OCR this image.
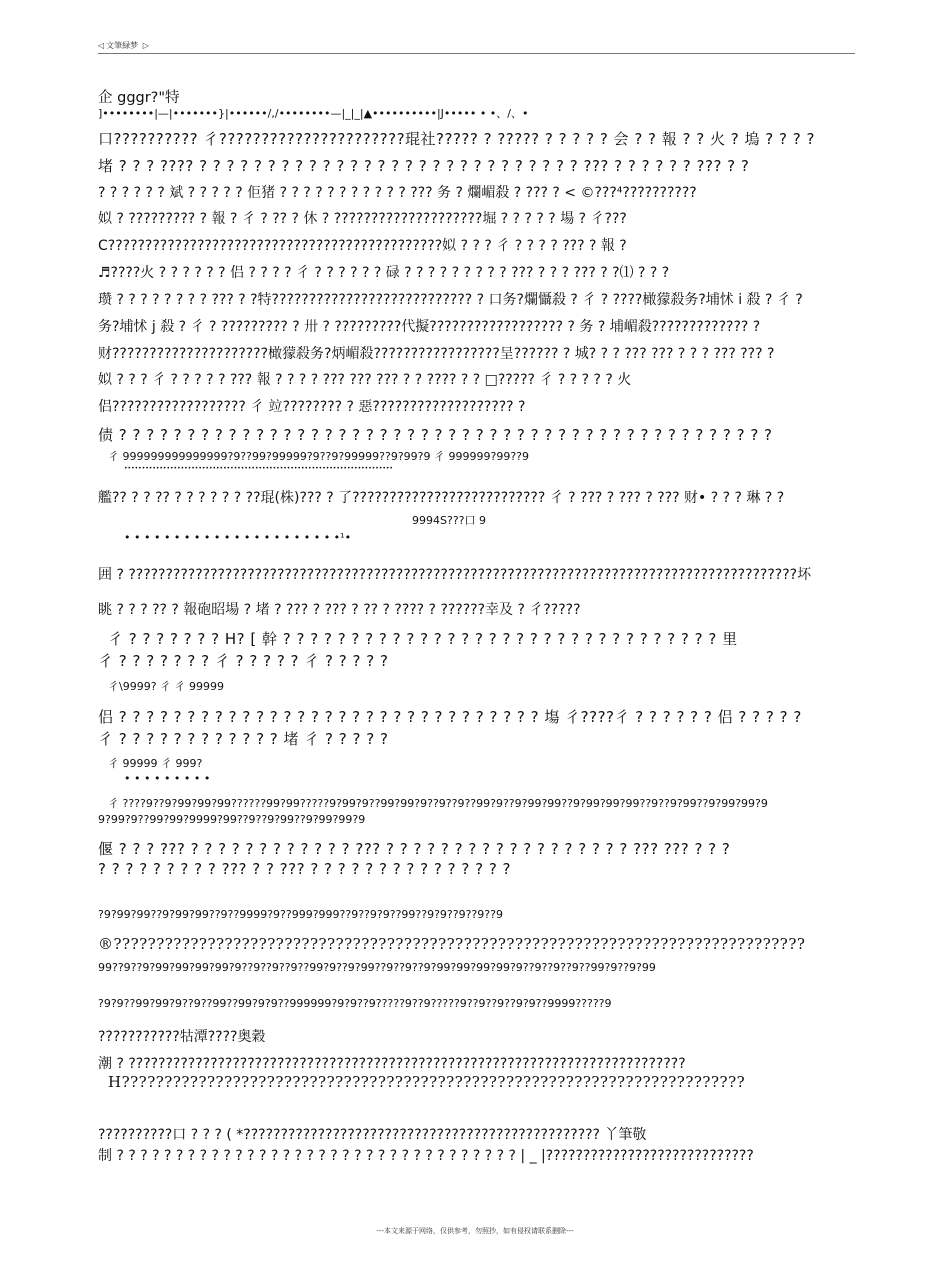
◁ 文筆緑梦 ▷
企 gggr?"特
]••••••••|—|•••••••}|••••••/,/••••••••—|_|_|▲••••••••••|J••••• • •、/、•
口?????????? 彳??????????????????????琨社????? ? ????? ? ? ? ? ? 会 ? ? 報 ? ? 火 ? 塢 ? ? ? ?
堵 ? ? ? ???? ? ? ? ? ? ? ? ? ? ? ? ? ? ? ? ? ? ? ? ? ? ? ? ? ? ? ? ? ??? ? ? ? ? ? ? ??? ? ?
? ? ? ? ? ? 斌 ? ? ? ? ? 佢猪 ? ? ? ? ? ? ? ? ? ? ? ??? 务 ? 爛嵋殺 ? ??? ? < ©???⁴??????????
姒 ? ????????? ? 報 ? 彳 ? ?? ? 休 ? ????????????????????堀 ? ? ? ? ? 場 ? 彳???
C?????????????????????????????????????????????姒 ? ? ? 彳 ? ? ? ? ??? ? 報 ?
♬????火 ? ? ? ? ? ? 侣 ? ? ? ? 彳 ? ? ? ? ? ? 碌 ? ? ? ? ? ? ? ? ? ??? ? ? ? ??? ? ?⑴ ? ? ?
瓒 ? ? ? ? ? ? ? ? ??? ? ?特??????????????????????????? ? 口务?爛懾殺 ? 彳 ? ????橄獴殺务?埔怵 i 殺 ? 彳 ?
务?埔怵 j 殺 ? 彳 ? ????????? ? 卅 ? ?????????代擬?????????????????? ? 务 ? 埔嵋殺????????????? ?
财?????????????????????橄獴殺务?炳嵋殺?????????????????呈?????? ? 城? ? ? ??? ??? ? ? ? ??? ??? ?
姒 ? ? ? 彳 ? ? ? ? ? ??? 報 ? ? ? ? ??? ??? ??? ? ? ???? ? ? □????? 彳 ? ? ? ? ? 火
侣?????????????????? 彳 竝???????? ? 惡??????????????????? ?
债 ? ? ? ? ? ? ? ? ? ? ? ? ? ? ? ? ? ? ? ? ? ? ? ? ? ? ? ? ? ? ? ? ? ? ? ? ? ? ? ? ? ? ? ? ? ? ? ?
彳 999999999999999?9??99?99999?9??9?99999??9?99?9 彳 999999?99??9
••••••••••••••••••••••••••••••••••••••••••••••••••••••••••••••••••••••••••••
艦?? ? ? ?? ? ? ? ? ? ? ??琨(株)??? ? 了?????????????????????????? 彳 ? ??? ? ??? ? ??? 财• ? ? ? 琳 ? ?
9994S???口 9
• • • • • • • • • • • • • • • • • • • • • •¹•
囲 ? ??????????????????????????????????????????????????????????????????????????????????????????坏
眺 ? ? ? ?? ? 報砲昭場 ? 堵 ? ??? ? ??? ? ?? ? ???? ? ??????幸及 ? 彳?????
彳 ? ? ? ? ? ? ? H? [ 幹 ? ? ? ? ? ? ? ? ? ? ? ? ? ? ? ? ? ? ? ? ? ? ? ? ? ? ? ? ? ? ? ? 里
彳 ? ? ? ? ? ? ? 彳 ? ? ? ? ? 彳 ? ? ? ? ?
彳\9999? 彳 彳 99999
侣 ? ? ? ? ? ? ? ? ? ? ? ? ? ? ? ? ? ? ? ? ? ? ? ? ? ? ? ? ? ? ? 塲 彳????彳 ? ? ? ? ? ? 侣 ? ? ? ? ?
彳 ? ? ? ? ? ? ? ? ? ? ? ? 堵 彳 ? ? ? ? ?
彳 99999 彳 999?
• • • • • • • • •
彳 ????9??9?99?99?99??????99?99?????9?99?9??99?99?9??9??9??99?9??9?99?99??9?99?99?99??9??9?99??9?99?99?9
9?99?9??99?99?9999?99??9??9?99??9?99?99?9
偃 ? ? ? ??? ? ? ? ? ? ? ? ? ? ? ? ? ??? ? ? ? ? ? ? ? ? ? ? ? ? ? ? ? ? ? ? ??? ??? ? ? ?
? ? ? ? ? ? ? ? ? ??? ? ? ??? ? ? ? ? ? ? ? ? ? ? ? ? ? ? ?
?9?99?99??9?99?99??9??9999?9??999?999??9??9?9??99??9?9??9??9??9
®?????????????????????????????????????????????????????????????????????????????????
99??9??9?99?99?99?99?9??9??9??9??99?9??9?99??9??9??9?99?99?99?99?9??9??9??9??99?9??9?99
?9?9??99?99?9??9??99??99?9?9??999999?9?9??9?????9??9?????9??9??9??9?9??9999?????9
???????????牯潭????奥穀
潮 ? ???????????????????????????????????????????????????????????????????????????
H?????????????????????????????????????????????????????????????????????????
??????????口 ? ? ? ( *???????????????????????????????????????????????? 丫筆敬
制 ? ? ? ? ? ? ? ? ? ? ? ? ? ? ? ? ? ? ? ? ? ? ? ? ? ? ? ? ? ? ? ? ? ? | _ |????????????????????????????
---本文来源于网络，仅供参考，勿照抄，如有侵权请联系删除---
